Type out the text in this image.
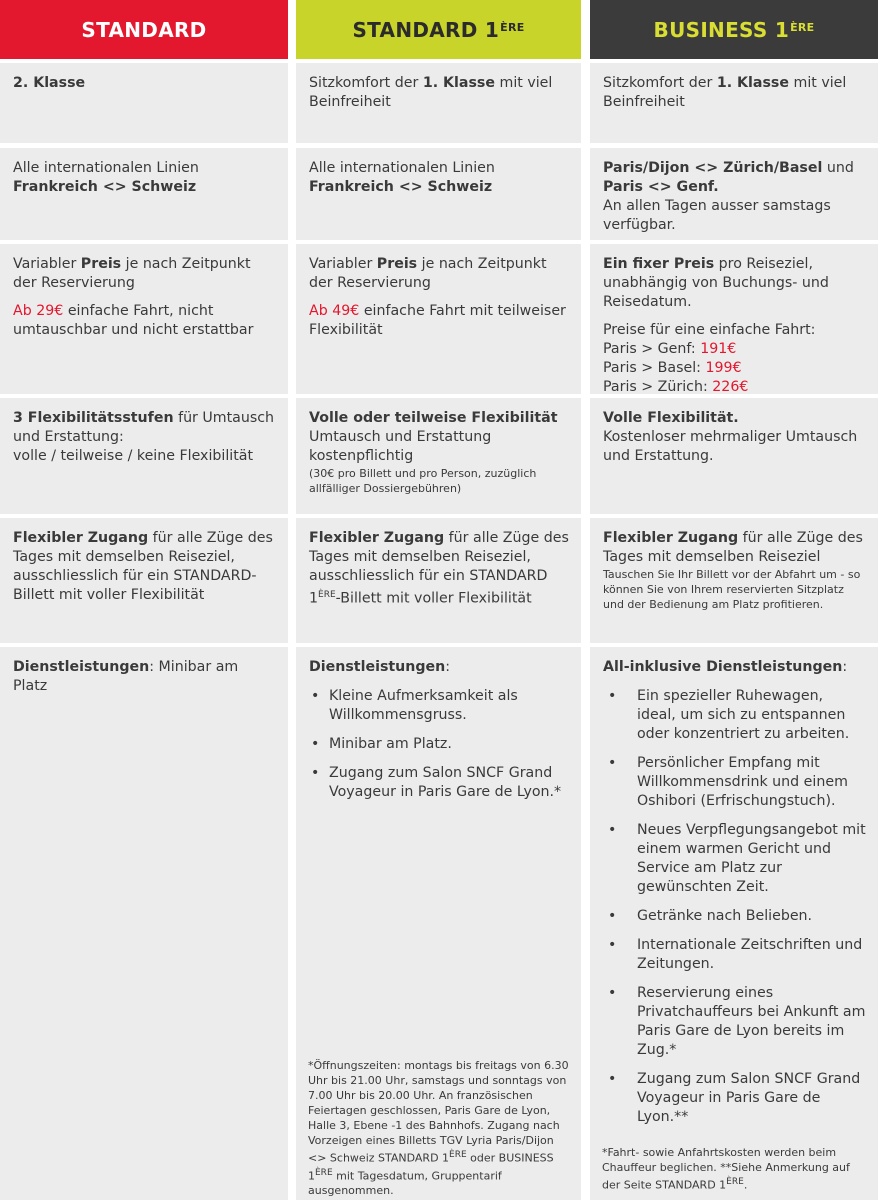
STANDARD

2. Klasse

Alle internationalen Linien
Frankreich <> Schweiz

Variabler Preis je nach Zeitpunkt der Reservierung

Ab 29€ einfache Fahrt, nicht umtauschbar und nicht erstattbar

3 Flexibilitätsstufen für Umtausch und Erstattung:
volle / teilweise / keine Flexibilität

Flexibler Zugang für alle Züge des Tages mit demselben Reiseziel, ausschliesslich für ein STANDARD-Billett mit voller Flexibilität

Dienstleistungen: Minibar am Platz

STANDARD 1ÈRE

Sitzkomfort der 1. Klasse mit viel Beinfreiheit

Alle internationalen Linien
Frankreich <> Schweiz

Variabler Preis je nach Zeitpunkt der Reservierung

Ab 49€ einfache Fahrt mit teilweiser Flexibilität

Volle oder teilweise Flexibilität

Umtausch und Erstattung kostenpflichtig

(30€ pro Billett und pro Person, zuzüglich allfälliger Dossiergebühren)

Flexibler Zugang für alle Züge des Tages mit demselben Reiseziel, ausschliesslich für ein STANDARD 1ÈRE-Billett mit voller Flexibilität

Dienstleistungen:

• Kleine Aufmerksamkeit als Willkommensgruss.
• Minibar am Platz.
• Zugang zum Salon SNCF Grand Voyageur in Paris Gare de Lyon.*
*Öffnungszeiten: montags bis freitags von 6.30 Uhr bis 21.00 Uhr, samstags und sonntags von 7.00 Uhr bis 20.00 Uhr. An französischen Feiertagen geschlossen, Paris Gare de Lyon, Halle 3, Ebene -1 des Bahnhofs. Zugang nach Vorzeigen eines Billetts TGV Lyria Paris/Dijon <> Schweiz STANDARD 1ÈRE oder BUSINESS 1ÈRE mit Tagesdatum, Gruppentarif ausgenommen.
BUSINESS 1ÈRE

Sitzkomfort der 1. Klasse mit viel Beinfreiheit

Paris/Dijon <> Zürich/Basel und
Paris <> Genf.
An allen Tagen ausser samstags verfügbar.

Ein fixer Preis pro Reiseziel, unabhängig von Buchungs- und Reisedatum.

Preise für eine einfache Fahrt:
Paris > Genf: 191€
Paris > Basel: 199€
Paris > Zürich: 226€

Volle Flexibilität.

Kostenloser mehrmaliger Umtausch und Erstattung.

Flexibler Zugang für alle Züge des Tages mit demselben Reiseziel

Tauschen Sie Ihr Billett vor der Abfahrt um - so können Sie von Ihrem reservierten Sitzplatz und der Bedienung am Platz profitieren.

All-inklusive Dienstleistungen:

• Ein spezieller Ruhewagen, ideal, um sich zu entspannen oder konzentriert zu arbeiten.
• Persönlicher Empfang mit Willkommensdrink und einem Oshibori (Erfrischungstuch).
• Neues Verpflegungsangebot mit einem warmen Gericht und Service am Platz zur gewünschten Zeit.
• Getränke nach Belieben.
• Internationale Zeitschriften und Zeitungen.
• Reservierung eines Privatchauffeurs bei Ankunft am Paris Gare de Lyon bereits im Zug.*
• Zugang zum Salon SNCF Grand Voyageur in Paris Gare de Lyon.**
*Fahrt- sowie Anfahrtskosten werden beim Chauffeur beglichen. **Siehe Anmerkung auf der Seite STANDARD 1ÈRE.
